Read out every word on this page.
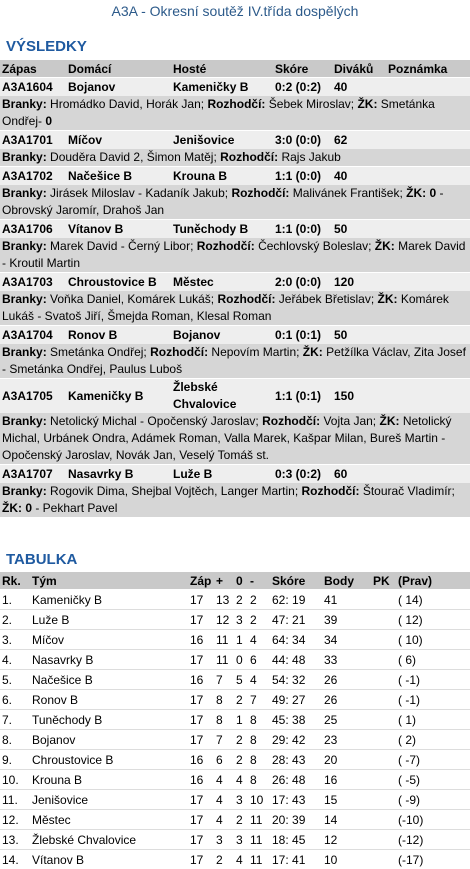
A3A - Okresní soutěž IV.třída dospělých
VÝSLEDKY
Zápas	Domácí	Hosté	Skóre	Diváků	Poznámka
A3A1604	Bojanov	Kameničky B	0:2 (0:2)	40	
Branky: Hromádko David, Horák Jan; Rozhodčí: Šebek Miroslav; ŽK: Smetánka Ondřej- 0					
A3A1701	Míčov	Jenišovice	3:0 (0:0)	62	
Branky: Douděra David 2, Šimon Matěj; Rozhodčí: Rajs Jakub					
A3A1702	Načešice B	Krouna B	1:1 (0:0)	40	
Branky: Jirásek Miloslav - Kadaník Jakub; Rozhodčí: Malivánek František; ŽK: 0 - Obrovský Jaromír, Drahoš Jan					
A3A1706	Vítanov B	Tuněchody B	1:1 (0:0)	50	
Branky: Marek David - Černý Libor; Rozhodčí: Čechlovský Boleslav; ŽK: Marek David - Kroutil Martin					
A3A1703	Chroustovice B	Městec	2:0 (0:0)	120	
Branky: Voňka Daniel, Komárek Lukáš; Rozhodčí: Jeřábek Břetislav; ŽK: Komárek Lukáš - Svatoš Jiří, Šmejda Roman, Klesal Roman					
A3A1704	Ronov B	Bojanov	0:1 (0:1)	50	
Branky: Smetánka Ondřej; Rozhodčí: Nepovím Martin; ŽK: Petžílka Václav, Zita Josef - Smetánka Ondřej, Paulus Luboš					
A3A1705	Kameničky B	Žlebské Chvalovice	1:1 (0:1)	150	
Branky: Netolický Michal - Opočenský Jaroslav; Rozhodčí: Vojta Jan; ŽK: Netolický Michal, Urbánek Ondra, Adámek Roman, Valla Marek, Kašpar Milan, Bureš Martin - Opočenský Jaroslav, Novák Jan, Veselý Tomáš st.					
A3A1707	Nasavrky B	Luže B	0:3 (0:2)	60	
Branky: Rogovik Dima, Shejbal Vojtěch, Langer Martin; Rozhodčí: Štourač Vladimír; ŽK: 0 - Pekhart Pavel					
TABULKA
Rk.	Tým	Záp	+	0	-	Skóre	Body	PK	(Prav)
1.	Kameničky B	17	13	2	2	62: 19	41		( 14)
2.	Luže B	17	12	3	2	47: 21	39		( 12)
3.	Míčov	16	11	1	4	64: 34	34		( 10)
4.	Nasavrky B	17	11	0	6	44: 48	33		( 6)
5.	Načešice B	16	7	5	4	54: 32	26		( -1)
6.	Ronov B	17	8	2	7	49: 27	26		( -1)
7.	Tuněchody B	17	8	1	8	45: 38	25		( 1)
8.	Bojanov	17	7	2	8	29: 42	23		( 2)
9.	Chroustovice B	16	6	2	8	28: 43	20		( -7)
10.	Krouna B	16	4	4	8	26: 48	16		( -5)
11.	Jenišovice	17	4	3	10	17: 43	15		( -9)
12.	Městec	17	4	2	11	20: 39	14		(-10)
13.	Žlebské Chvalovice	17	3	3	11	18: 45	12		(-12)
14.	Vítanov B	17	2	4	11	17: 41	10		(-17)
